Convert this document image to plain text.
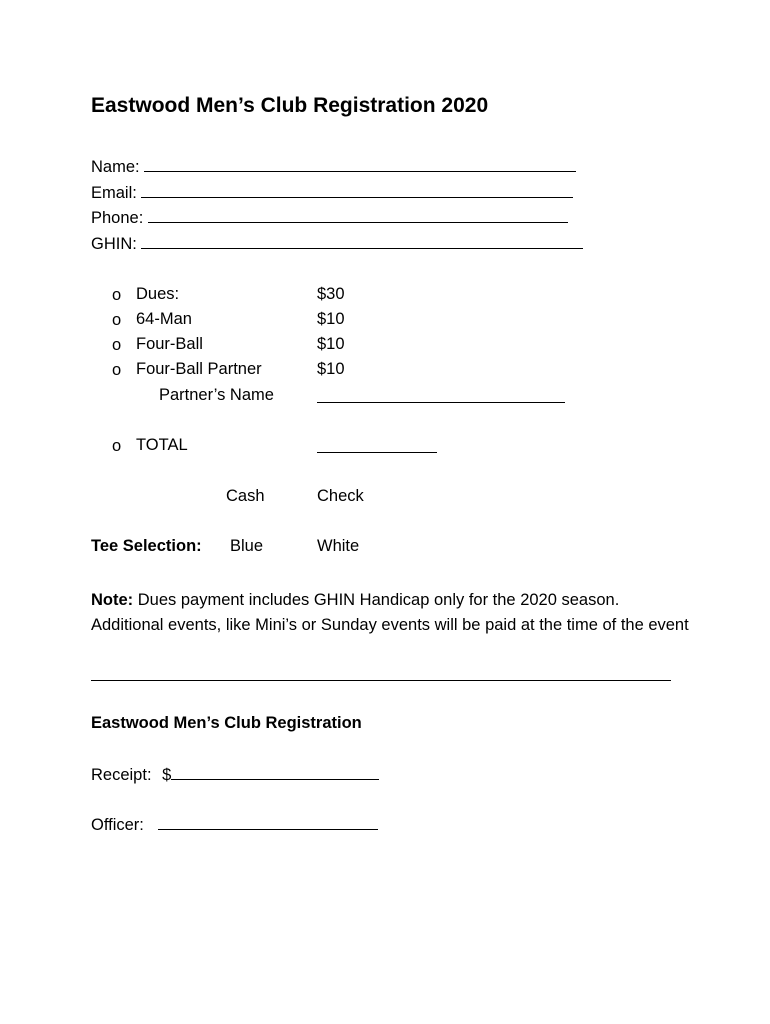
Eastwood Men’s Club Registration 2020
Name:
Email:
Phone:
GHIN:
o Dues:	$30
o 64-Man	$10
o Four-Ball	$10
o Four-Ball Partner	$10
Partner’s Name
o TOTAL
Cash	Check
Tee Selection: Blue	White
Note: Dues payment includes GHIN Handicap only for the 2020 season. Additional events, like Mini’s or Sunday events will be paid at the time of the event
Eastwood Men’s Club Registration
Receipt: $
Officer:
